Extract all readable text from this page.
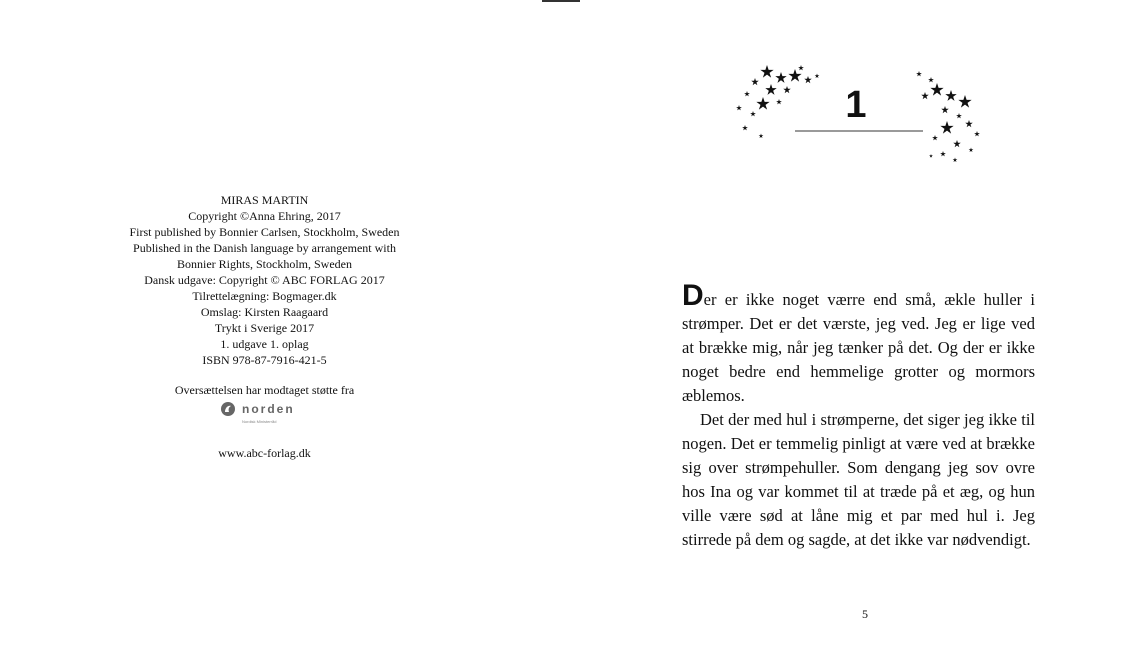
MIRAS MARTIN
Copyright ©Anna Ehring, 2017
First published by Bonnier Carlsen, Stockholm, Sweden
Published in the Danish language by arrangement with
Bonnier Rights, Stockholm, Sweden
Dansk udgave: Copyright © ABC FORLAG 2017
Tilrettelægning: Bogmager.dk
Omslag: Kirsten Raagaard
Trykt i Sverige 2017
1. udgave 1. oplag
ISBN 978-87-7916-421-5
Oversættelsen har modtaget støtte fra
norden
Nordisk Ministerråd
www.abc-forlag.dk
1

Der er ikke noget værre end små, ækle huller i strømper. Det er det værste, jeg ved. Jeg er lige ved at brække mig, når jeg tænker på det. Og der er ikke noget bedre end hemmelige grotter og mormors æblemos.

Det der med hul i strømperne, det siger jeg ikke til nogen. Det er temmelig pinligt at være ved at brække sig over strømpehuller. Som dengang jeg sov ovre hos Ina og var kommet til at træde på et æg, og hun ville være sød at låne mig et par med hul i. Jeg stirrede på dem og sagde, at det ikke var nødvendigt.

5
